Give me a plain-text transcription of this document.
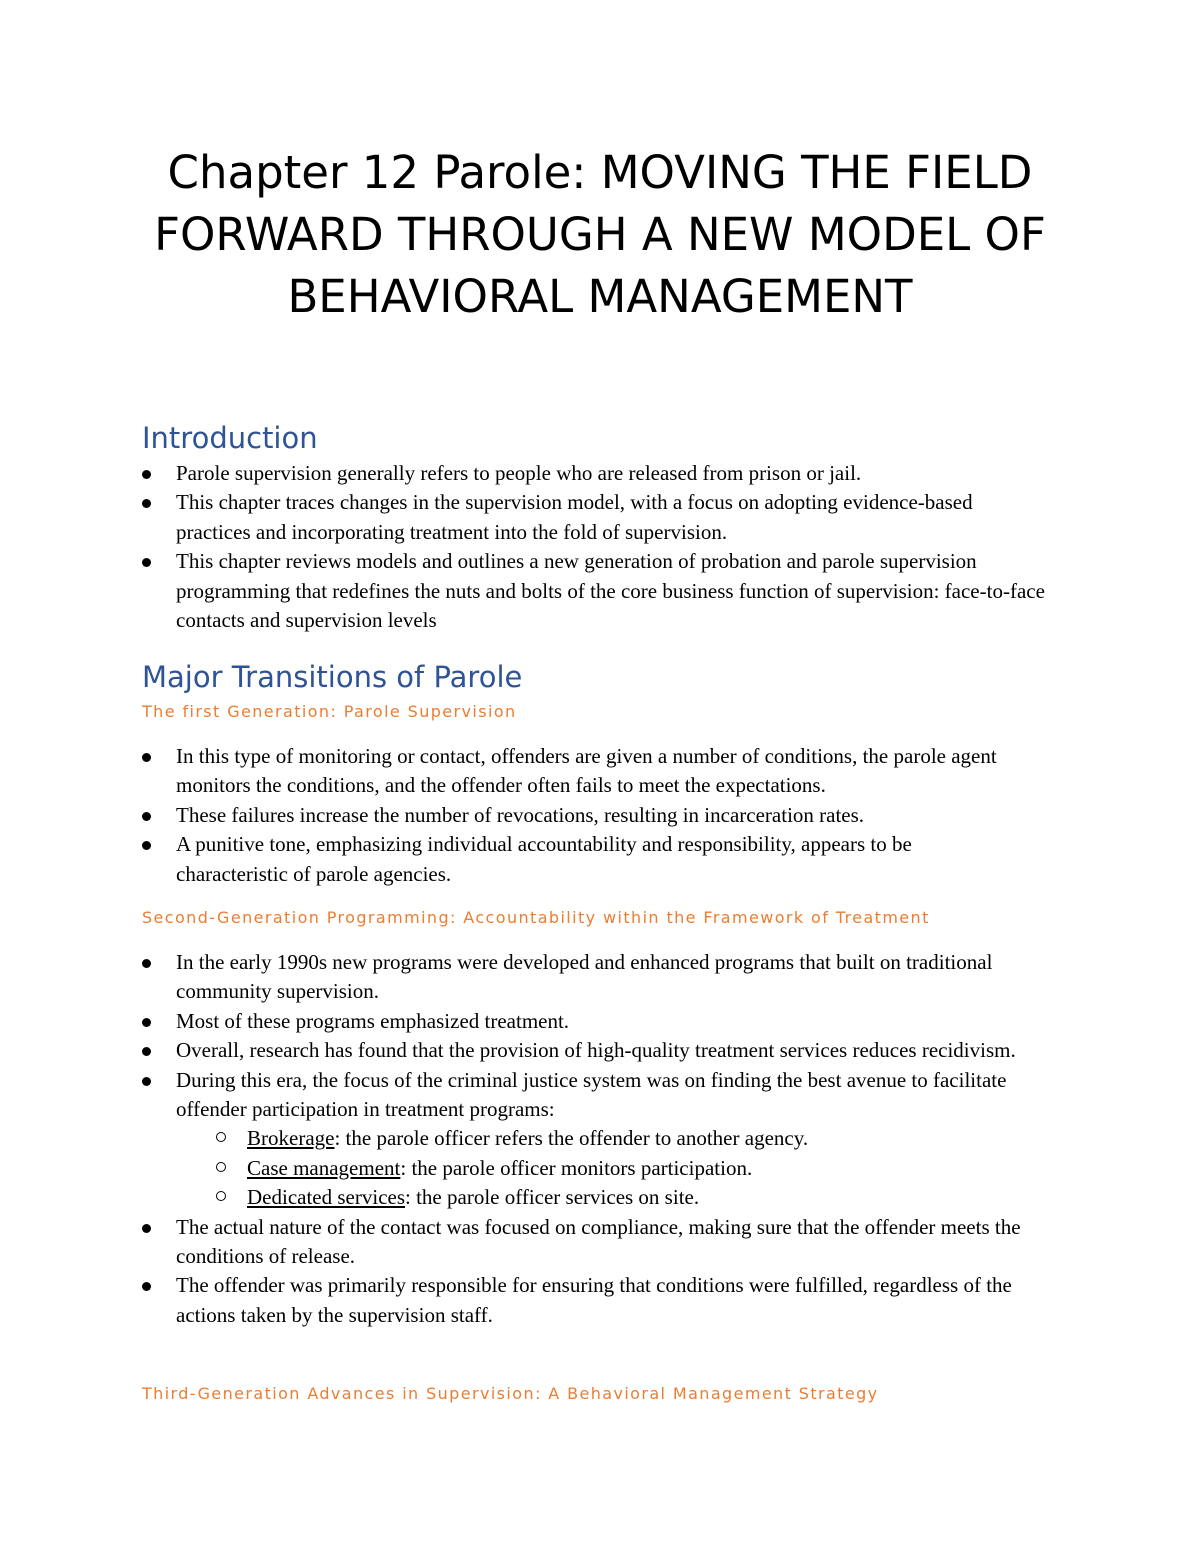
Chapter 12 Parole: MOVING THE FIELD FORWARD THROUGH A NEW MODEL OF BEHAVIORAL MANAGEMENT
Introduction
Parole supervision generally refers to people who are released from prison or jail.
This chapter traces changes in the supervision model, with a focus on adopting evidence-based practices and incorporating treatment into the fold of supervision.
This chapter reviews models and outlines a new generation of probation and parole supervision programming that redefines the nuts and bolts of the core business function of supervision: face-to-face contacts and supervision levels
Major Transitions of Parole
The first Generation: Parole Supervision
In this type of monitoring or contact, offenders are given a number of conditions, the parole agent monitors the conditions, and the offender often fails to meet the expectations.
These failures increase the number of revocations, resulting in incarceration rates.
A punitive tone, emphasizing individual accountability and responsibility, appears to be characteristic of parole agencies.
Second-Generation Programming: Accountability within the Framework of Treatment
In the early 1990s new programs were developed and enhanced programs that built on traditional community supervision.
Most of these programs emphasized treatment.
Overall, research has found that the provision of high-quality treatment services reduces recidivism.
During this era, the focus of the criminal justice system was on finding the best avenue to facilitate offender participation in treatment programs:
Brokerage: the parole officer refers the offender to another agency.
Case management: the parole officer monitors participation.
Dedicated services: the parole officer services on site.
The actual nature of the contact was focused on compliance, making sure that the offender meets the conditions of release.
The offender was primarily responsible for ensuring that conditions were fulfilled, regardless of the actions taken by the supervision staff.
Third-Generation Advances in Supervision: A Behavioral Management Strategy
